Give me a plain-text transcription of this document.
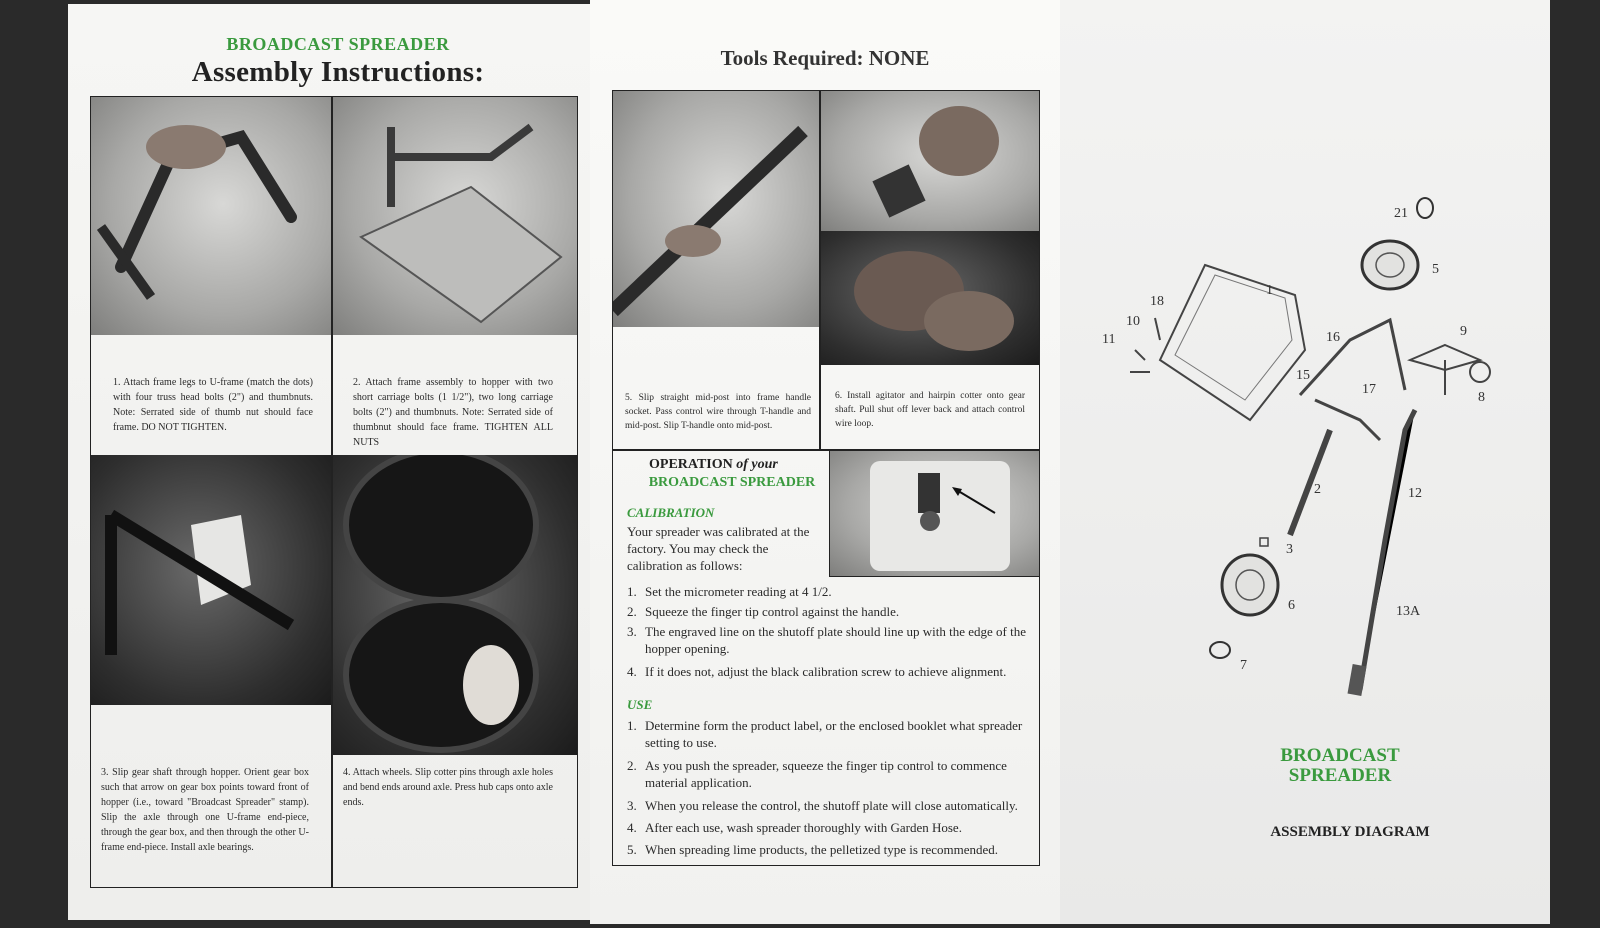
BROADCAST SPREADER
Assembly Instructions:
1. Attach frame legs to U-frame (match the dots) with four truss head bolts (2") and thumbnuts. Note: Serrated side of thumb nut should face frame. DO NOT TIGHTEN.
2. Attach frame assembly to hopper with two short carriage bolts (1 1/2"), two long carriage bolts (2") and thumbnuts. Note: Serrated side of thumbnut should face frame. TIGHTEN ALL NUTS
3. Slip gear shaft through hopper. Orient gear box such that arrow on gear box points toward front of hopper (i.e., toward "Broadcast Spreader" stamp). Slip the axle through one U-frame end-piece, through the gear box, and then through the other U-frame end-piece. Install axle bearings.
4. Attach wheels. Slip cotter pins through axle holes and bend ends around axle. Press hub caps onto axle ends.
Tools Required: NONE
5. Slip straight mid-post into frame handle socket. Pass control wire through T-handle and mid-post. Slip T-handle onto mid-post.
6. Install agitator and hairpin cotter onto gear shaft. Pull shut off lever back and attach control wire loop.
OPERATION of your
BROADCAST SPREADER
CALIBRATION
Your spreader was calibrated at the factory. You may check the calibration as follows:
1. Set the micrometer reading at 4 1/2.
2. Squeeze the finger tip control against the handle.
3. The engraved line on the shutoff plate should line up with the edge of the hopper opening.
4. If it does not, adjust the black calibration screw to achieve alignment.
USE
1. Determine form the product label, or the enclosed booklet what spreader setting to use.
2. As you push the spreader, squeeze the finger tip control to commence material application.
3. When you release the control, the shutoff plate will close automatically.
4. After each use, wash spreader thoroughly with Garden Hose.
5. When spreading lime products, the pelletized type is recommended.
1
2
3
5
6
7
8
9
10
11
12
13A
15
16
17
18
21
BROADCAST
SPREADER
ASSEMBLY DIAGRAM
